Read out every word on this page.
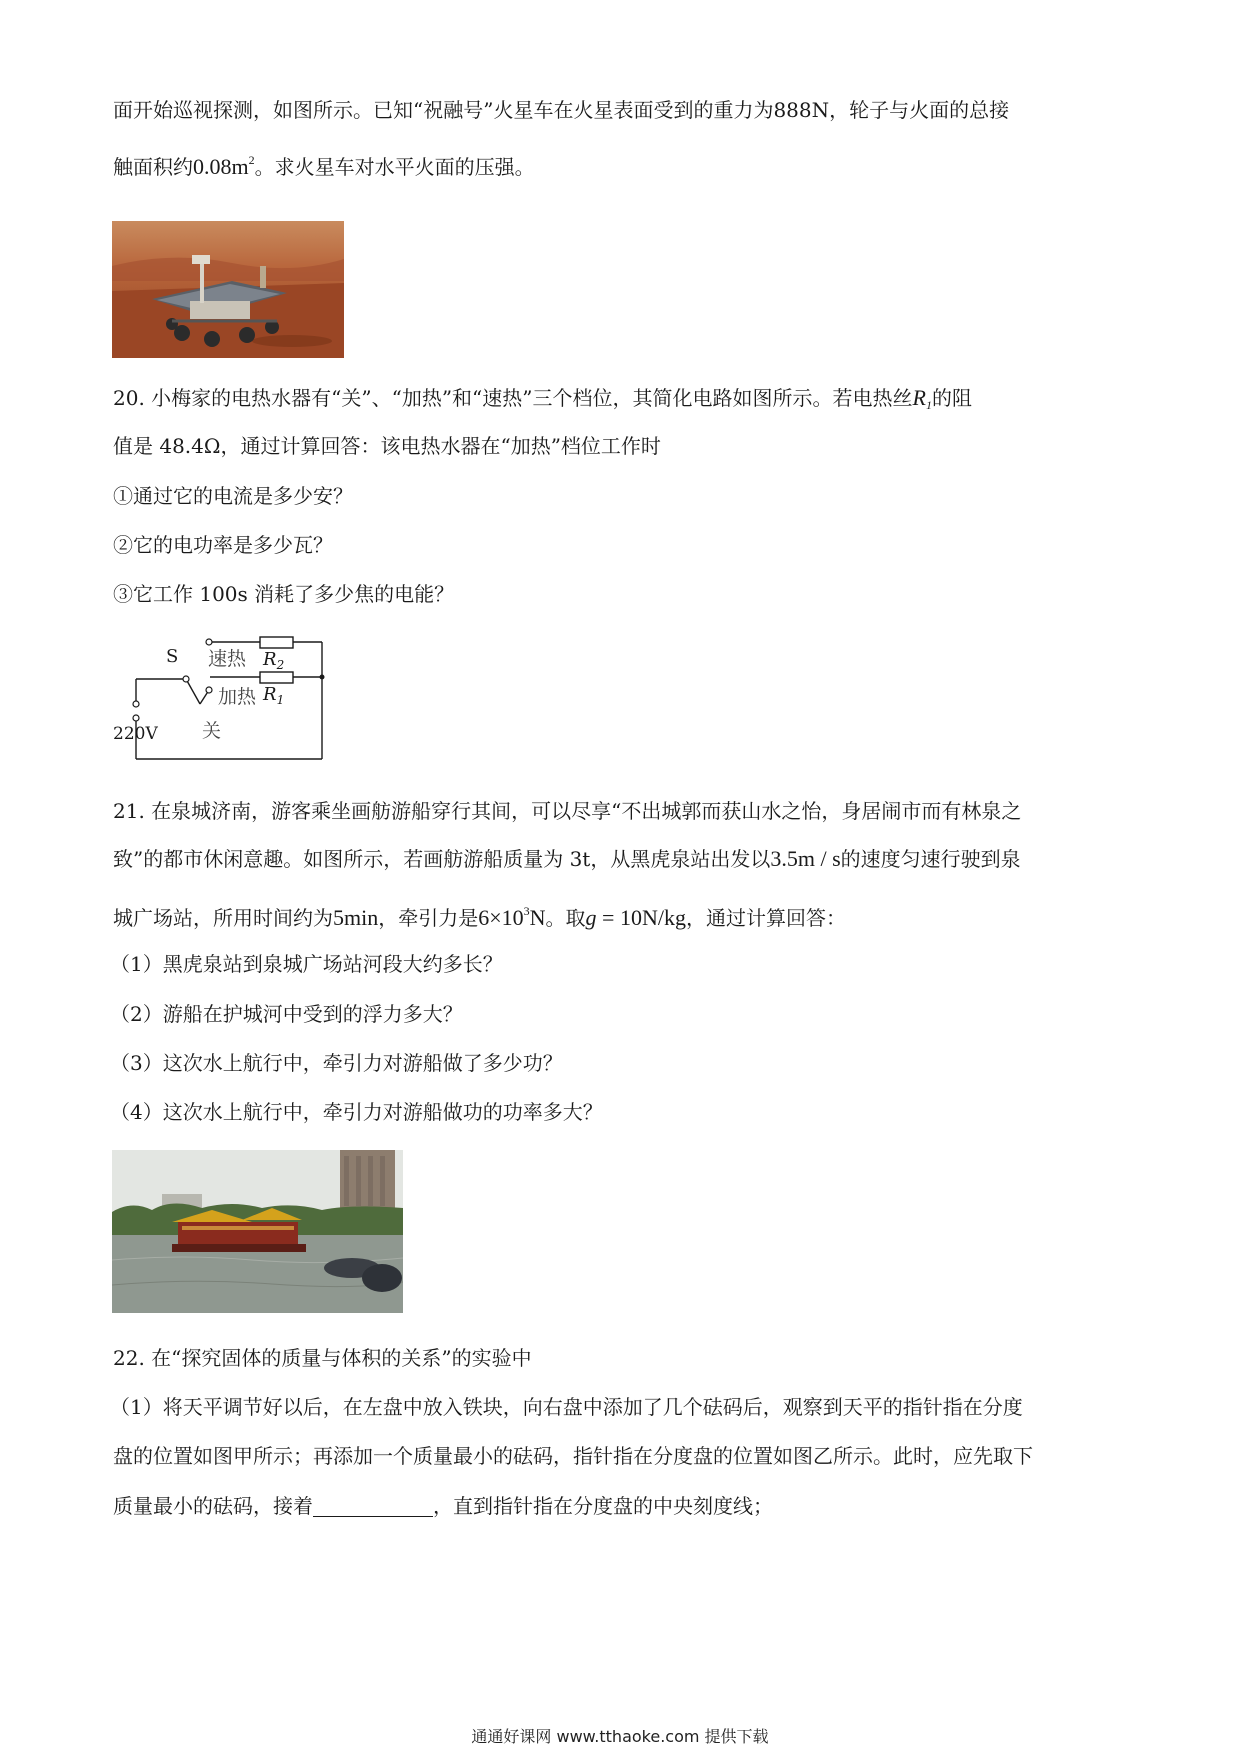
面开始巡视探测，如图所示。已知“祝融号”火星车在火星表面受到的重力为888N，轮子与火面的总接
触面积约$0.08m^2$。求火星车对水平火面的压强。
20. 小梅家的电热水器有“关”、“加热”和“速热”三个档位，其简化电路如图所示。若电热丝$R_1$的阻
值是 48.4Ω，通过计算回答：该电热水器在“加热”档位工作时
①通过它的电流是多少安？
②它的电功率是多少瓦？
③它工作 100s 消耗了多少焦的电能？
S 速热 $R_2$
加热 $R_1$
关
220V
21. 在泉城济南，游客乘坐画舫游船穿行其间，可以尽享“不出城郭而获山水之怡，身居闹市而有林泉之
致”的都市休闲意趣。如图所示，若画舫游船质量为 3t，从黑虎泉站出发以3.5m / s的速度匀速行驶到泉
城广场站，所用时间约为5min，牵引力是$6\times 10^3N$。取g = 10N/kg，通过计算回答：
（1）黑虎泉站到泉城广场站河段大约多长？
（2）游船在护城河中受到的浮力多大？
（3）这次水上航行中，牵引力对游船做了多少功？
（4）这次水上航行中，牵引力对游船做功的功率多大？
22. 在“探究固体的质量与体积的关系”的实验中
（1）将天平调节好以后，在左盘中放入铁块，向右盘中添加了几个砝码后，观察到天平的指针指在分度
盘的位置如图甲所示；再添加一个质量最小的砝码，指针指在分度盘的位置如图乙所示。此时，应先取下
质量最小的砝码，接着	，直到指针指在分度盘的中央刻度线；
通通好课网 www.tthaoke.com 提供下载
